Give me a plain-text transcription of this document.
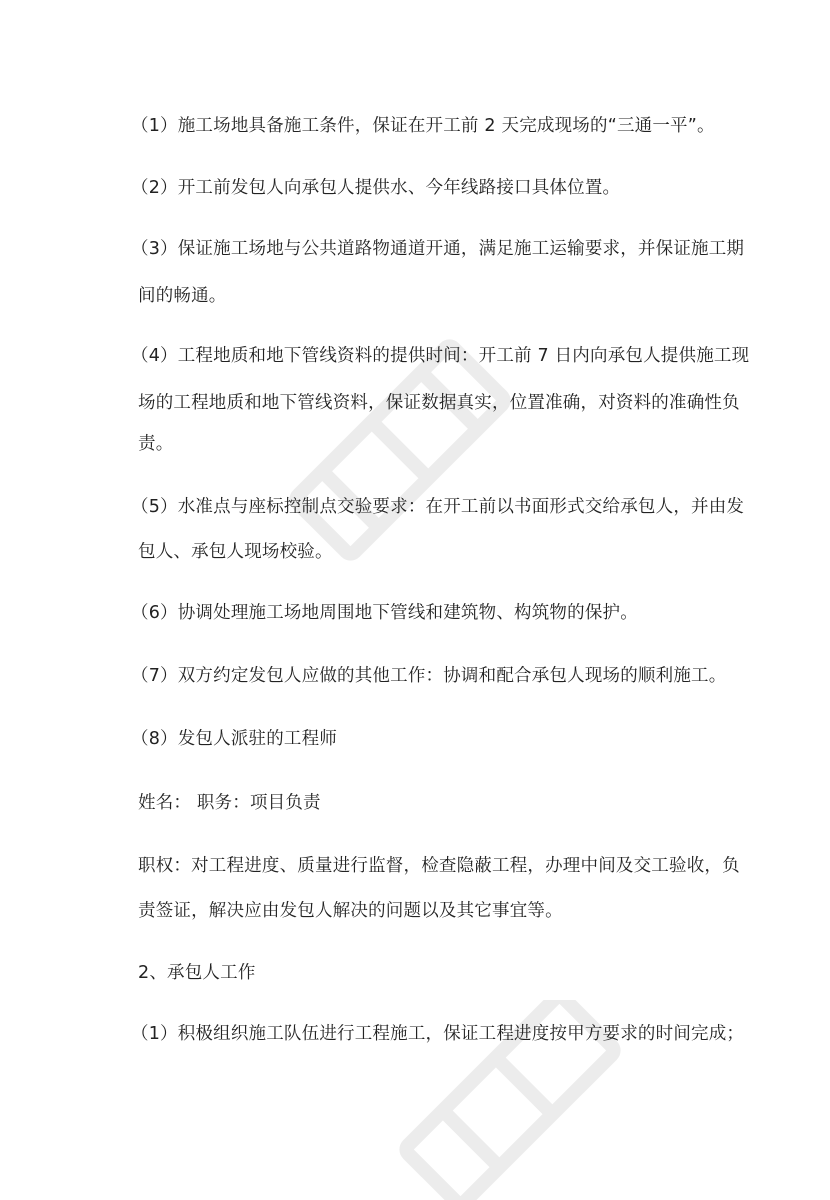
（1）施工场地具备施工条件，保证在开工前 2 天完成现场的“三通一平”。

（2）开工前发包人向承包人提供水、今年线路接口具体位置。

（3）保证施工场地与公共道路物通道开通，满足施工运输要求，并保证施工期

间的畅通。

（4）工程地质和地下管线资料的提供时间：开工前 7 日内向承包人提供施工现

场的工程地质和地下管线资料，保证数据真实，位置准确，对资料的准确性负

责。

（5）水准点与座标控制点交验要求：在开工前以书面形式交给承包人，并由发

包人、承包人现场校验。

（6）协调处理施工场地周围地下管线和建筑物、构筑物的保护。

（7）双方约定发包人应做的其他工作：协调和配合承包人现场的顺利施工。

（8）发包人派驻的工程师

姓名： 职务：项目负责

职权：对工程进度、质量进行监督，检查隐蔽工程，办理中间及交工验收，负

责签证，解决应由发包人解决的问题以及其它事宜等。

2、承包人工作

（1）积极组织施工队伍进行工程施工，保证工程进度按甲方要求的时间完成；
